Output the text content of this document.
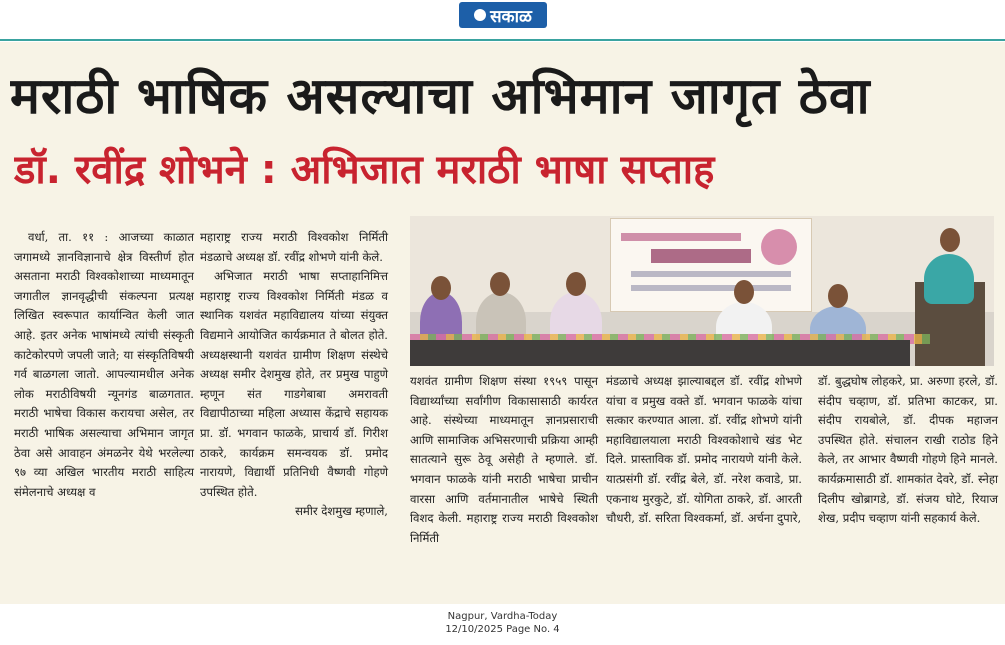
सकाळ
मराठी भाषिक असल्याचा अभिमान जागृत ठेवा
डॉ. रवींद्र शोभने : अभिजात मराठी भाषा सप्ताह

वर्धा, ता. ११ : आजच्या काळात जगामध्ये ज्ञानविज्ञानाचे क्षेत्र विस्तीर्ण होत असताना मराठी विश्वकोशाच्या माध्यमातून जगातील ज्ञानवृद्धीची संकल्पना प्रत्यक्ष लिखित स्वरूपात कार्यान्वित केली जात आहे. इतर अनेक भाषांमध्ये त्यांची संस्कृती काटेकोरपणे जपली जाते; या संस्कृतिविषयी गर्व बाळगला जातो. आपल्यामधील अनेक लोक मराठीविषयी न्यूनगंड बाळगतात. मराठी भाषेचा विकास करायचा असेल, तर मराठी भाषिक असल्याचा अभिमान जागृत ठेवा असे आवाहन अंमळनेर येथे भरलेल्या ९७ व्या अखिल भारतीय मराठी साहित्य संमेलनाचे अध्यक्ष व

महाराष्ट्र राज्य मराठी विश्वकोश निर्मिती मंडळाचे अध्यक्ष डॉ. रवींद्र शोभणे यांनी केले.

अभिजात मराठी भाषा सप्ताहानिमित्त महाराष्ट्र राज्य विश्वकोश निर्मिती मंडळ व स्थानिक यशवंत महाविद्यालय यांच्या संयुक्त विद्यमाने आयोजित कार्यक्रमात ते बोलत होते. अध्यक्षस्थानी यशवंत ग्रामीण शिक्षण संस्थेचे अध्यक्ष समीर देशमुख होते, तर प्रमुख पाहुणे म्हणून संत गाडगेबाबा अमरावती विद्यापीठाच्या महिला अध्यास केंद्राचे सहायक प्रा. डॉ. भगवान फाळके, प्राचार्य डॉ. गिरीश ठाकरे, कार्यक्रम समन्वयक डॉ. प्रमोद नारायणे, विद्यार्थी प्रतिनिधी वैष्णवी गोहणे उपस्थित होते.

समीर देशमुख म्हणाले,

यशवंत ग्रामीण शिक्षण संस्था १९५९ पासून विद्यार्थ्यांच्या सर्वांगीण विकासासाठी कार्यरत आहे. संस्थेच्या माध्यमातून ज्ञानप्रसाराची आणि सामाजिक अभिसरणाची प्रक्रिया आम्ही सातत्याने सुरू ठेवू असेही ते म्हणाले. डॉ. भगवान फाळके यांनी मराठी भाषेचा प्राचीन वारसा आणि वर्तमानातील भाषेचे स्थिती विशद केली. महाराष्ट्र राज्य मराठी विश्वकोश निर्मिती

मंडळाचे अध्यक्ष झाल्याबद्दल डॉ. रवींद्र शोभणे यांचा व प्रमुख वक्ते डॉ. भगवान फाळके यांचा सत्कार करण्यात आला. डॉ. रवींद्र शोभणे यांनी महाविद्यालयाला मराठी विश्वकोशाचे खंड भेट दिले. प्रास्ताविक डॉ. प्रमोद नारायणे यांनी केले. यात्प्रसंगी डॉ. रवींद्र बेले, डॉ. नरेश कवाडे, प्रा. एकनाथ मुरकुटे, डॉ. योगिता ठाकरे, डॉ. आरती चौधरी, डॉ. सरिता विश्वकर्मा, डॉ. अर्चना दुपारे,

डॉ. बुद्धघोष लोहकरे, प्रा. अरुणा हरले, डॉ. संदीप चव्हाण, डॉ. प्रतिभा काटकर, प्रा. संदीप रायबोले, डॉ. दीपक महाजन उपस्थित होते. संचालन राखी राठोड हिने केले, तर आभार वैष्णवी गोहणे हिने मानले. कार्यक्रमासाठी डॉ. शामकांत देवरे, डॉ. स्नेहा दिलीप खोब्रागडे, डॉ. संजय घोटे, रियाज शेख, प्रदीप चव्हाण यांनी सहकार्य केले.

Nagpur, Vardha-Today
12/10/2025 Page No. 4
